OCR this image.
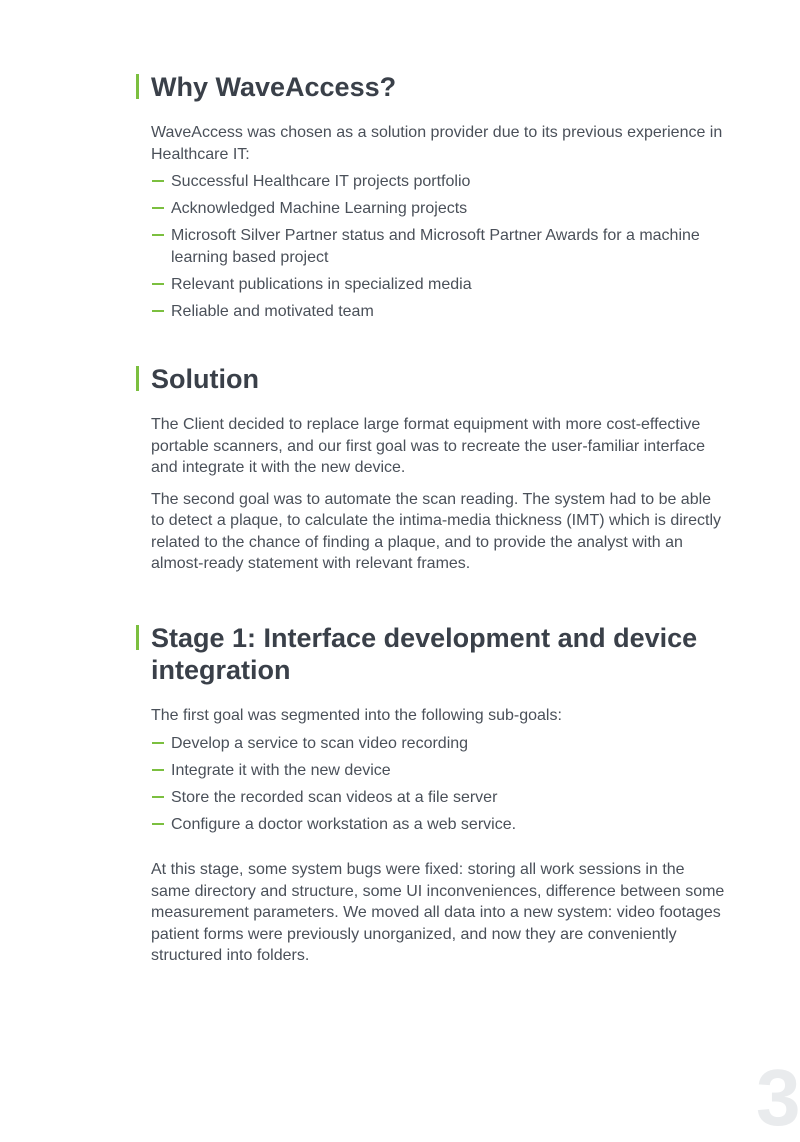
Why WaveAccess?

WaveAccess was chosen as a solution provider due to its previous experience in Healthcare IT:

Successful Healthcare IT projects portfolio
Acknowledged Machine Learning projects
Microsoft Silver Partner status and Microsoft Partner Awards for a machine learning based project
Relevant publications in specialized media
Reliable and motivated team
Solution

The Client decided to replace large format equipment with more cost-effective portable scanners, and our first goal was to recreate the user-familiar interface and integrate it with the new device.

The second goal was to automate the scan reading. The system had to be able to detect a plaque, to calculate the intima-media thickness (IMT) which is directly related to the chance of finding a plaque, and to provide the analyst with an almost-ready statement with relevant frames.

Stage 1: Interface development and device integration

The first goal was segmented into the following sub-goals:

Develop a service to scan video recording
Integrate it with the new device
Store the recorded scan videos at a file server
Configure a doctor workstation as a web service.

At this stage, some system bugs were fixed: storing all work sessions in the same directory and structure, some UI inconveniences, difference between some measurement parameters. We moved all data into a new system: video footages patient forms were previously unorganized, and now they are conveniently structured into folders.

3
